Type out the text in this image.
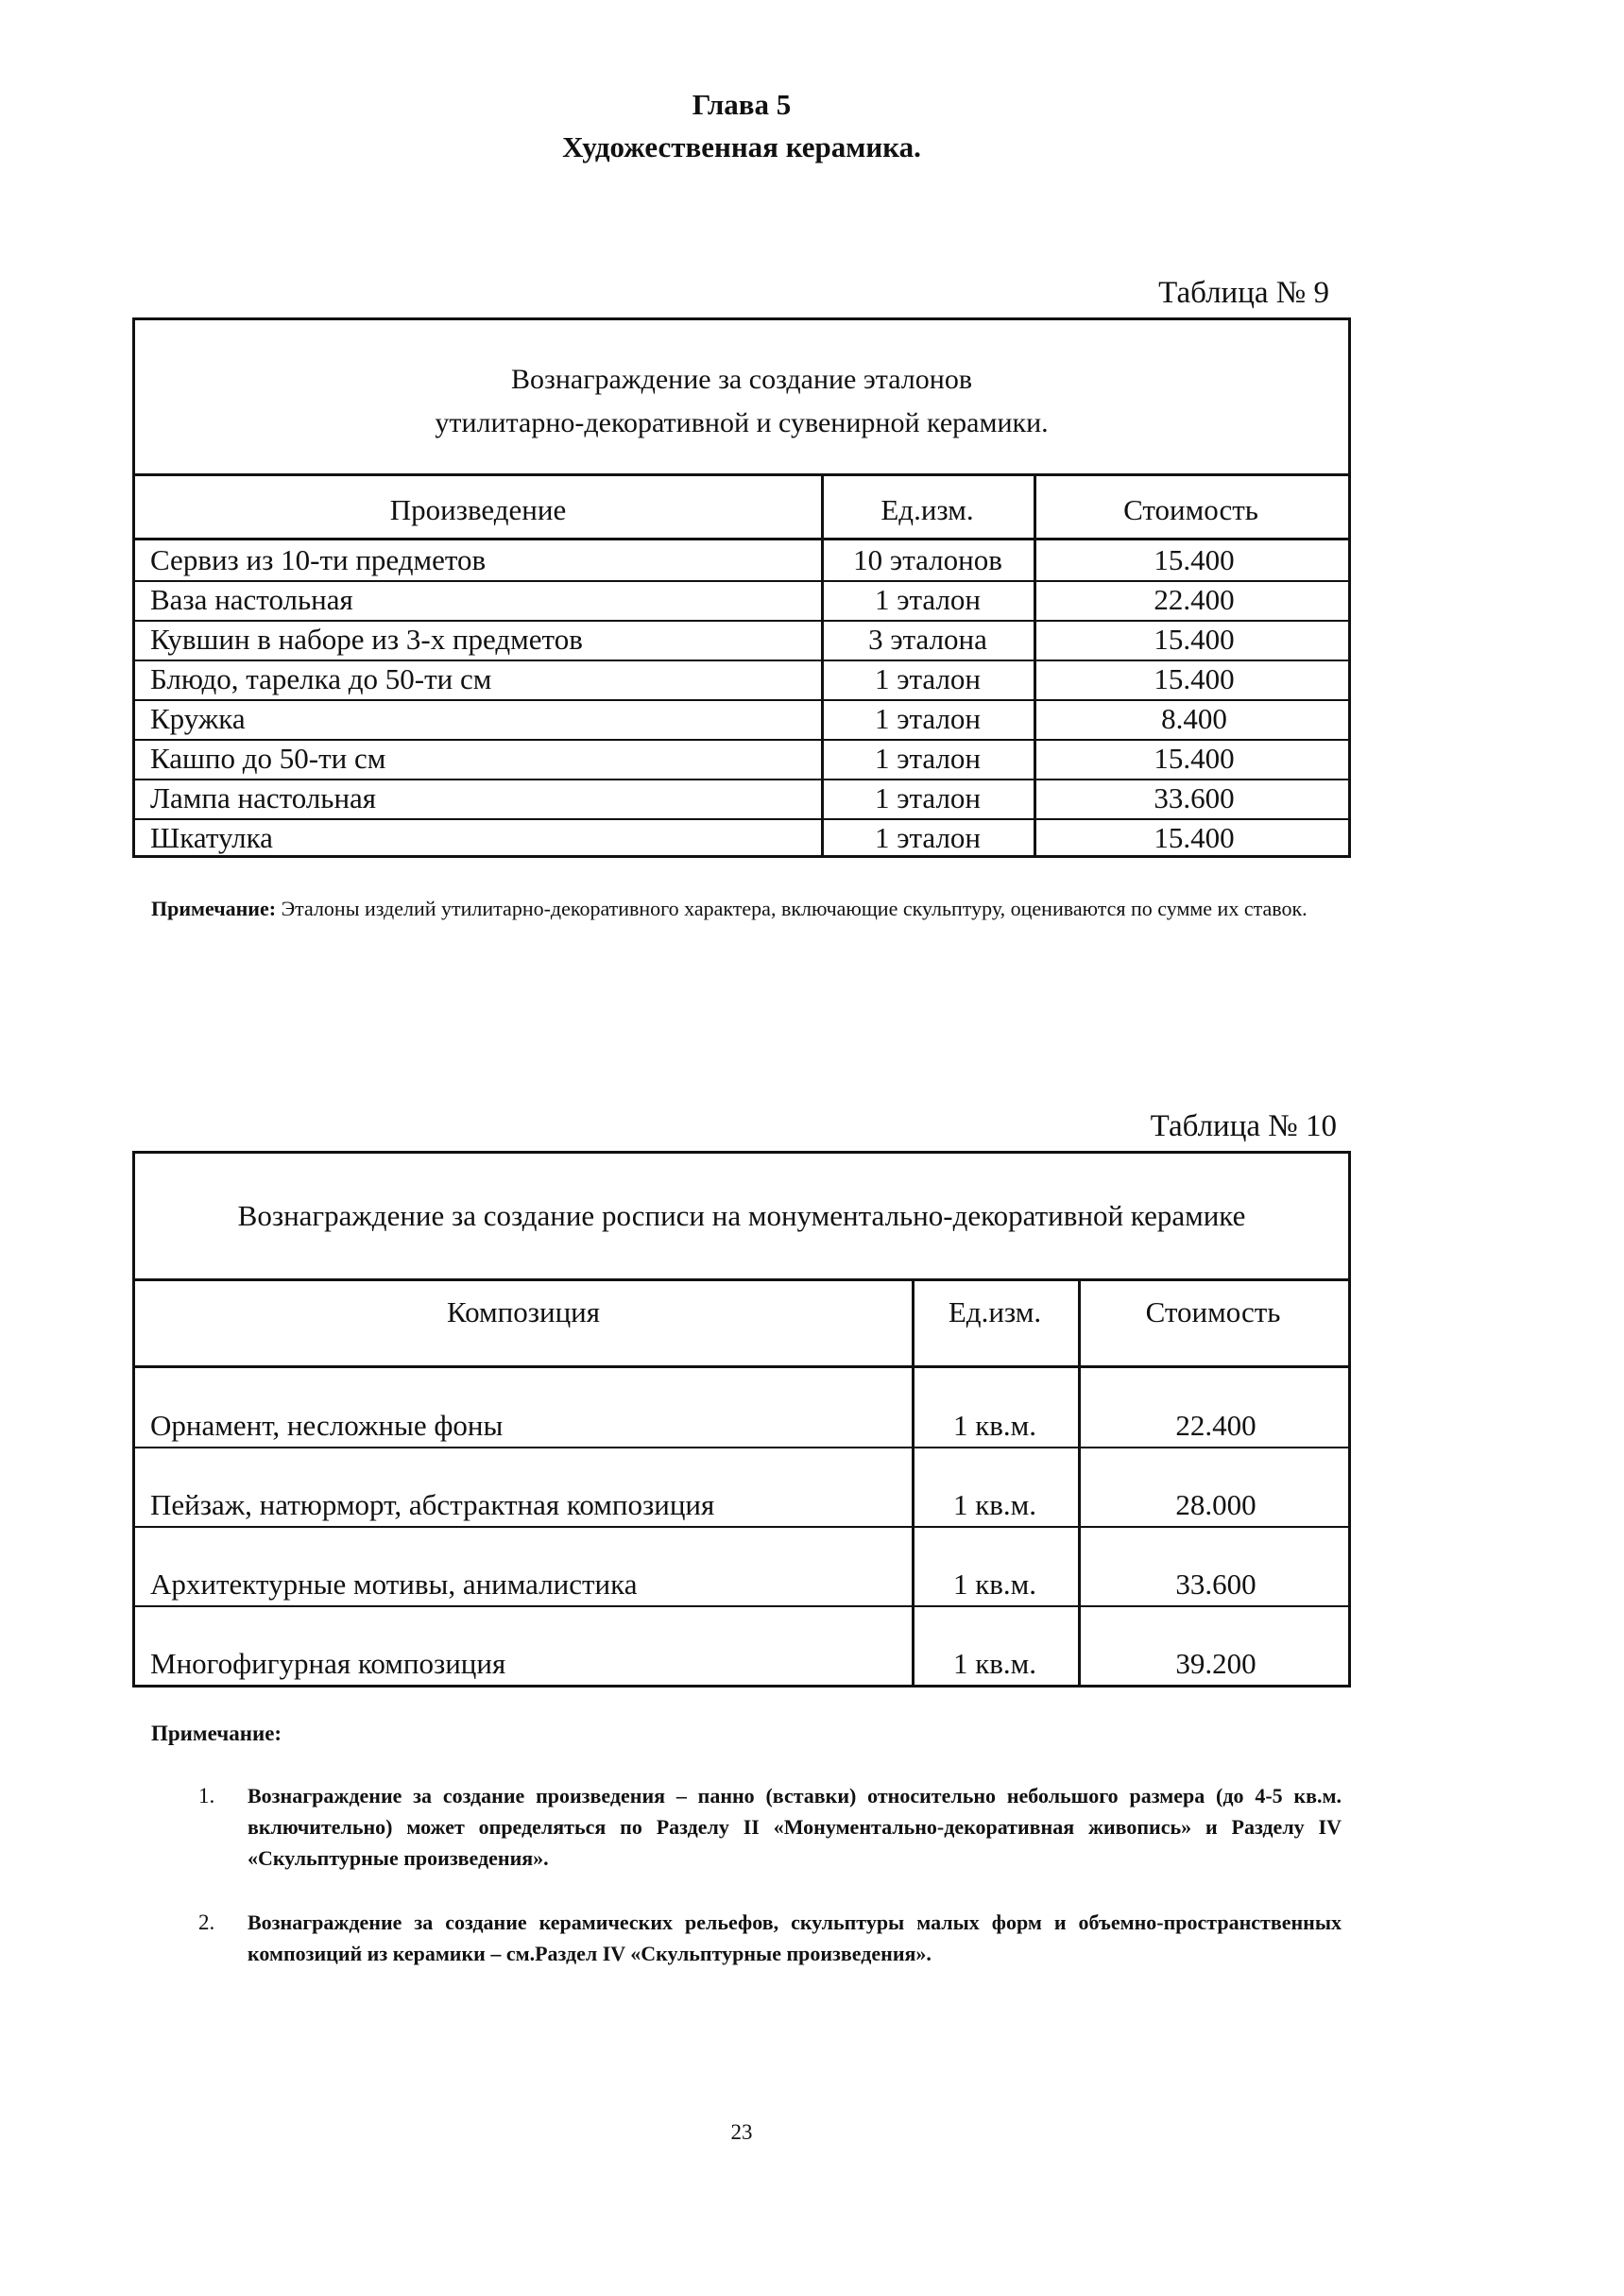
Глава 5
Художественная керамика.
Таблица № 9
Вознаграждение за создание эталонов
утилитарно-декоративной и сувенирной керамики.
Произведение	Ед.изм.	Стоимость
Сервиз из 10-ти предметов	10 эталонов	15.400
Ваза настольная	1 эталон	22.400
Кувшин в наборе из 3-х предметов	3 эталона	15.400
Блюдо, тарелка до 50-ти см	1 эталон	15.400
Кружка	1 эталон	8.400
Кашпо до 50-ти см	1 эталон	15.400
Лампа настольная	1 эталон	33.600
Шкатулка	1 эталон	15.400
Примечание: Эталоны изделий утилитарно-декоративного характера, включающие скульптуру, оцениваются по сумме их ставок.
Таблица № 10
Вознаграждение за создание росписи на монументально-декоративной керамике
Композиция	Ед.изм.	Стоимость
Орнамент, несложные фоны	1 кв.м.	22.400
Пейзаж, натюрморт, абстрактная композиция	1 кв.м.	28.000
Архитектурные мотивы, анималистика	1 кв.м.	33.600
Многофигурная композиция	1 кв.м.	39.200
Примечание:
1. Вознаграждение за создание произведения – панно (вставки) относительно небольшого размера (до 4-5 кв.м. включительно) может определяться по Разделу II «Монументально-декоративная живопись» и Разделу IV «Скульптурные произведения».
2. Вознаграждение за создание керамических рельефов, скульптуры малых форм и объемно-пространственных композиций из керамики – см.Раздел IV «Скульптурные произведения».
23
